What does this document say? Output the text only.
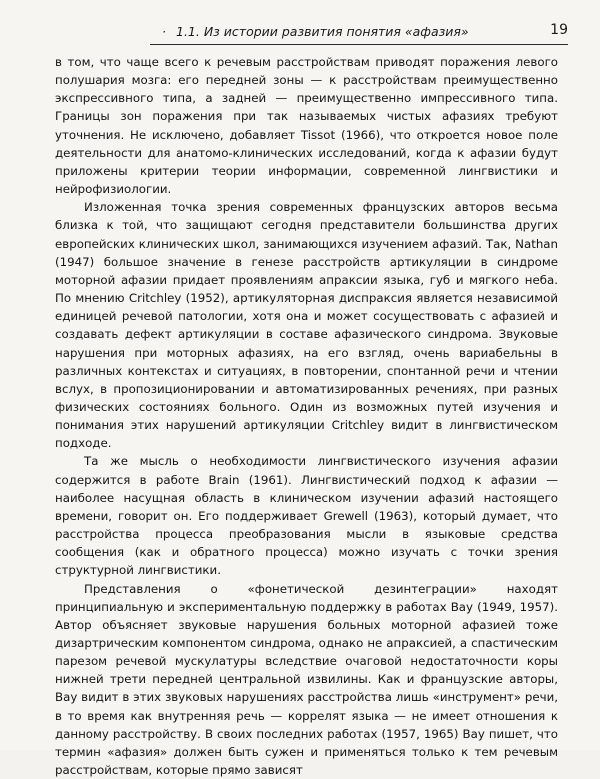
· 1.1. Из истории развития понятия «афазия»	19

в том, что чаще всего к речевым расстройствам приводят поражения левого полушария мозга: его передней зоны — к расстройствам преимущественно экспрессивного типа, а задней — преимущественно импрессивного типа. Границы зон поражения при так называемых чистых афазиях требуют уточнения. Не исключено, добавляет Tissot (1966), что откроется новое поле деятельности для анатомо-клинических исследований, когда к афазии будут приложены критерии теории информации, современной лингвистики и нейрофизиологии.

Изложенная точка зрения современных французских авторов весьма близка к той, что защищают сегодня представители большинства других европейских клинических школ, занимающихся изучением афазий. Так, Nathan (1947) большое значение в генезе расстройств артикуляции в синдроме моторной афазии придает проявлениям апраксии языка, губ и мягкого неба. По мнению Critchley (1952), артикуляторная диспраксия является независимой единицей речевой патологии, хотя она и может сосуществовать с афазией и создавать дефект артикуляции в составе афазического синдрома. Звуковые нарушения при моторных афазиях, на его взгляд, очень вариабельны в различных контекстах и ситуациях, в повторении, спонтанной речи и чтении вслух, в пропозиционировании и автоматизированных речениях, при разных физических состояниях больного. Один из возможных путей изучения и понимания этих нарушений артикуляции Critchley видит в лингвистическом подходе.

Та же мысль о необходимости лингвистического изучения афазии содержится в работе Brain (1961). Лингвистический подход к афазии — наиболее насущная область в клиническом изучении афазий настоящего времени, говорит он. Его поддерживает Grewell (1963), который думает, что расстройства процесса преобразования мысли в языковые средства сообщения (как и обратного процесса) можно изучать с точки зрения структурной лингвистики.

Представления о «фонетической дезинтеграции» находят принципиальную и экспериментальную поддержку в работах Bay (1949, 1957). Автор объясняет звуковые нарушения больных моторной афазией тоже дизартрическим компонентом синдрома, однако не апраксией, а спастическим парезом речевой мускулатуры вследствие очаговой недостаточности коры нижней трети передней центральной извилины. Как и французские авторы, Bay видит в этих звуковых нарушениях расстройства лишь «инструмент» речи, в то время как внутренняя речь — коррелят языка — не имеет отношения к данному расстройству. В своих последних работах (1957, 1965) Bay пишет, что термин «афазия» должен быть сужен и применяться только к тем речевым расстройствам, которые прямо зависят
